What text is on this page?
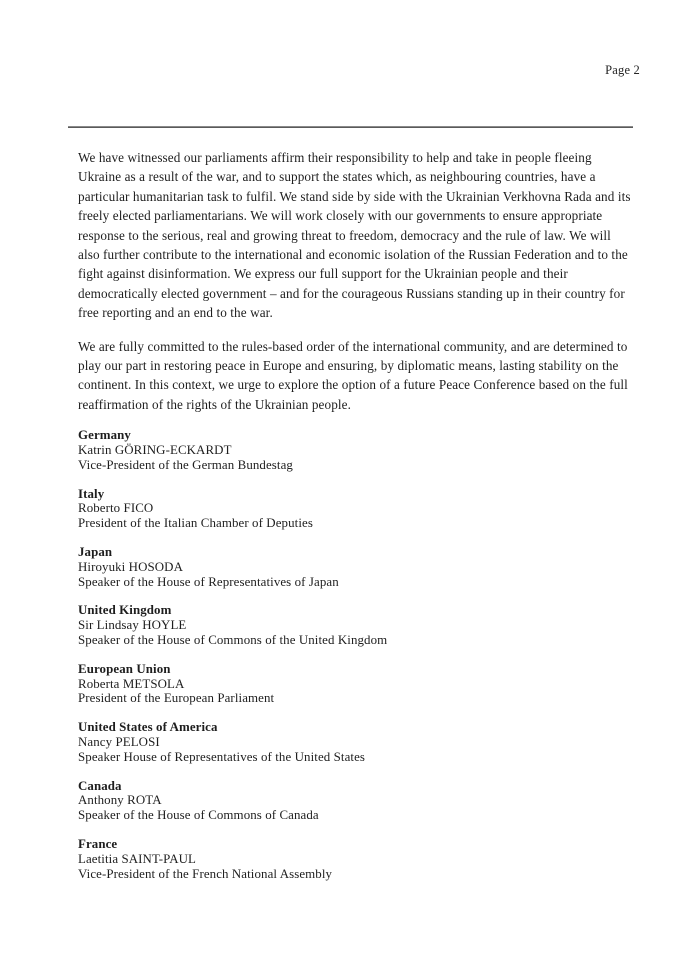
Page 2

We have witnessed our parliaments affirm their responsibility to help and take in people fleeing Ukraine as a result of the war, and to support the states which, as neighbouring countries, have a particular humanitarian task to fulfil. We stand side by side with the Ukrainian Verkhovna Rada and its freely elected parliamentarians. We will work closely with our governments to ensure appropriate response to the serious, real and growing threat to freedom, democracy and the rule of law. We will also further contribute to the international and economic isolation of the Russian Federation and to the fight against disinformation. We express our full support for the Ukrainian people and their democratically elected government – and for the courageous Russians standing up in their country for free reporting and an end to the war.

We are fully committed to the rules-based order of the international community, and are determined to play our part in restoring peace in Europe and ensuring, by diplomatic means, lasting stability on the continent. In this context, we urge to explore the option of a future Peace Conference based on the full reaffirmation of the rights of the Ukrainian people.

Germany
Katrin GÖRING-ECKARDT
Vice-President of the German Bundestag
Italy
Roberto FICO
President of the Italian Chamber of Deputies
Japan
Hiroyuki HOSODA
Speaker of the House of Representatives of Japan
United Kingdom
Sir Lindsay HOYLE
Speaker of the House of Commons of the United Kingdom
European Union
Roberta METSOLA
President of the European Parliament
United States of America
Nancy PELOSI
Speaker House of Representatives of the United States
Canada
Anthony ROTA
Speaker of the House of Commons of Canada
France
Laetitia SAINT-PAUL
Vice-President of the French National Assembly
